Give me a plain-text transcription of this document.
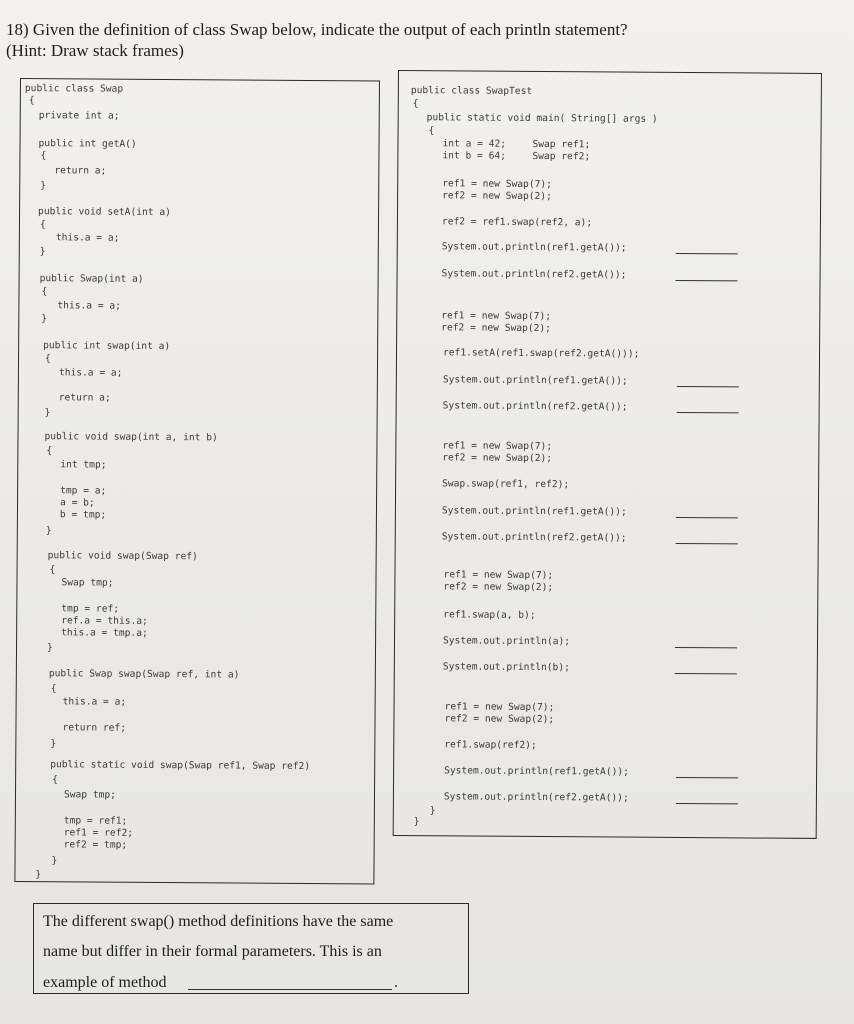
18) Given the definition of class Swap below, indicate the output of each println statement?
(Hint: Draw stack frames)
public class Swap
{
private int a;
public int getA()
{
return a;
}
public void setA(int a)
{
this.a = a;
}
public Swap(int a)
{
this.a = a;
}
public int swap(int a)
{
this.a = a;
return a;
}
public void swap(int a, int b)
{
int tmp;
tmp = a;
a = b;
b = tmp;
}
public void swap(Swap ref)
{
Swap tmp;
tmp = ref;
ref.a = this.a;
this.a = tmp.a;
}
public Swap swap(Swap ref, int a)
{
this.a = a;
return ref;
}
public static void swap(Swap ref1, Swap ref2)
{
Swap tmp;
tmp = ref1;
ref1 = ref2;
ref2 = tmp;
}
}
public class SwapTest
{
public static void main( String[] args )
{
int a = 42;	Swap ref1;
int b = 64;	Swap ref2;
ref1 = new Swap(7);
ref2 = new Swap(2);
ref2 = ref1.swap(ref2, a);
System.out.println(ref1.getA());
System.out.println(ref2.getA());
ref1 = new Swap(7);
ref2 = new Swap(2);
ref1.setA(ref1.swap(ref2.getA()));
System.out.println(ref1.getA());
System.out.println(ref2.getA());
ref1 = new Swap(7);
ref2 = new Swap(2);
Swap.swap(ref1, ref2);
System.out.println(ref1.getA());
System.out.println(ref2.getA());
ref1 = new Swap(7);
ref2 = new Swap(2);
ref1.swap(a, b);
System.out.println(a);
System.out.println(b);
ref1 = new Swap(7);
ref2 = new Swap(2);
ref1.swap(ref2);
System.out.println(ref1.getA());
System.out.println(ref2.getA());
}
}
The different swap() method definitions have the same
name but differ in their formal parameters. This is an
example of method	.
